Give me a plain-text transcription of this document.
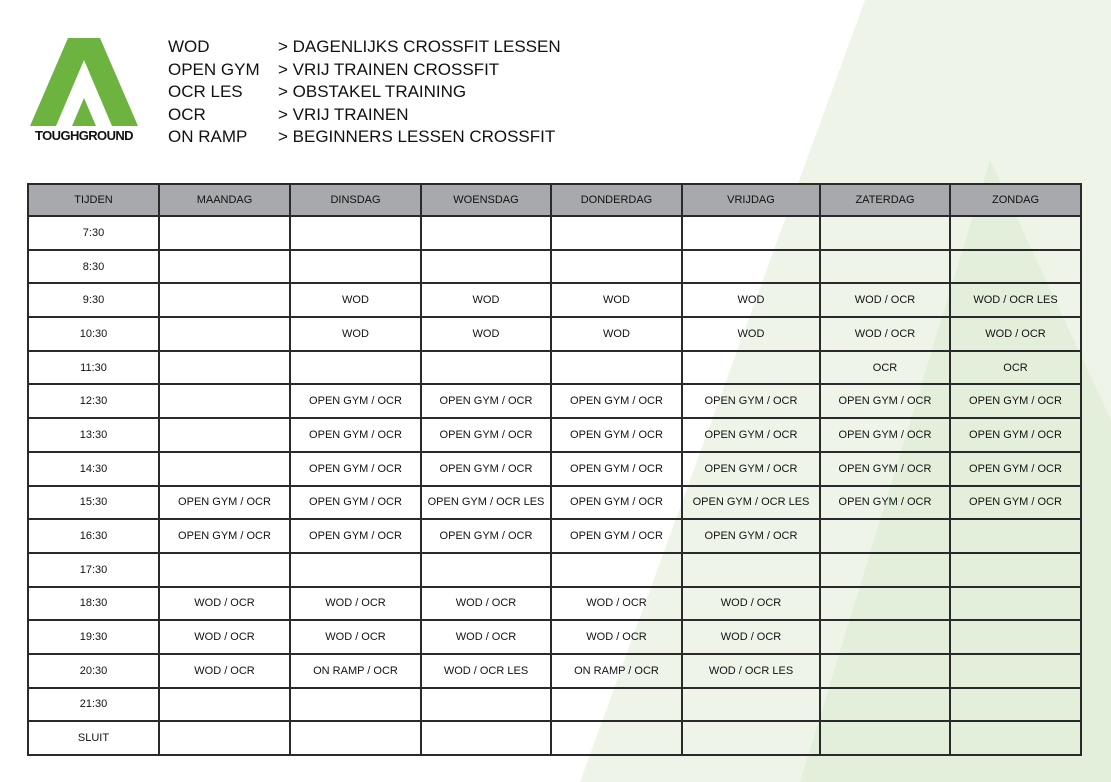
TOUGHGROUND
WOD	> DAGENLIJKS CROSSFIT LESSEN
OPEN GYM	> VRIJ TRAINEN CROSSFIT
OCR LES	> OBSTAKEL TRAINING
OCR	> VRIJ TRAINEN
ON RAMP	> BEGINNERS LESSEN CROSSFIT
TIJDEN	MAANDAG	DINSDAG	WOENSDAG	DONDERDAG	VRIJDAG	ZATERDAG	ZONDAG
7:30							
8:30							
9:30		WOD	WOD	WOD	WOD	WOD / OCR	WOD / OCR LES
10:30		WOD	WOD	WOD	WOD	WOD / OCR	WOD / OCR
11:30						OCR	OCR
12:30		OPEN GYM / OCR	OPEN GYM / OCR	OPEN GYM / OCR	OPEN GYM / OCR	OPEN GYM / OCR	OPEN GYM / OCR
13:30		OPEN GYM / OCR	OPEN GYM / OCR	OPEN GYM / OCR	OPEN GYM / OCR	OPEN GYM / OCR	OPEN GYM / OCR
14:30		OPEN GYM / OCR	OPEN GYM / OCR	OPEN GYM / OCR	OPEN GYM / OCR	OPEN GYM / OCR	OPEN GYM / OCR
15:30	OPEN GYM / OCR	OPEN GYM / OCR	OPEN GYM / OCR LES	OPEN GYM / OCR	OPEN GYM / OCR LES	OPEN GYM / OCR	OPEN GYM / OCR
16:30	OPEN GYM / OCR	OPEN GYM / OCR	OPEN GYM / OCR	OPEN GYM / OCR	OPEN GYM / OCR		
17:30							
18:30	WOD / OCR	WOD / OCR	WOD / OCR	WOD / OCR	WOD / OCR		
19:30	WOD / OCR	WOD / OCR	WOD / OCR	WOD / OCR	WOD / OCR		
20:30	WOD / OCR	ON RAMP / OCR	WOD / OCR LES	ON RAMP / OCR	WOD / OCR LES		
21:30							
SLUIT							
